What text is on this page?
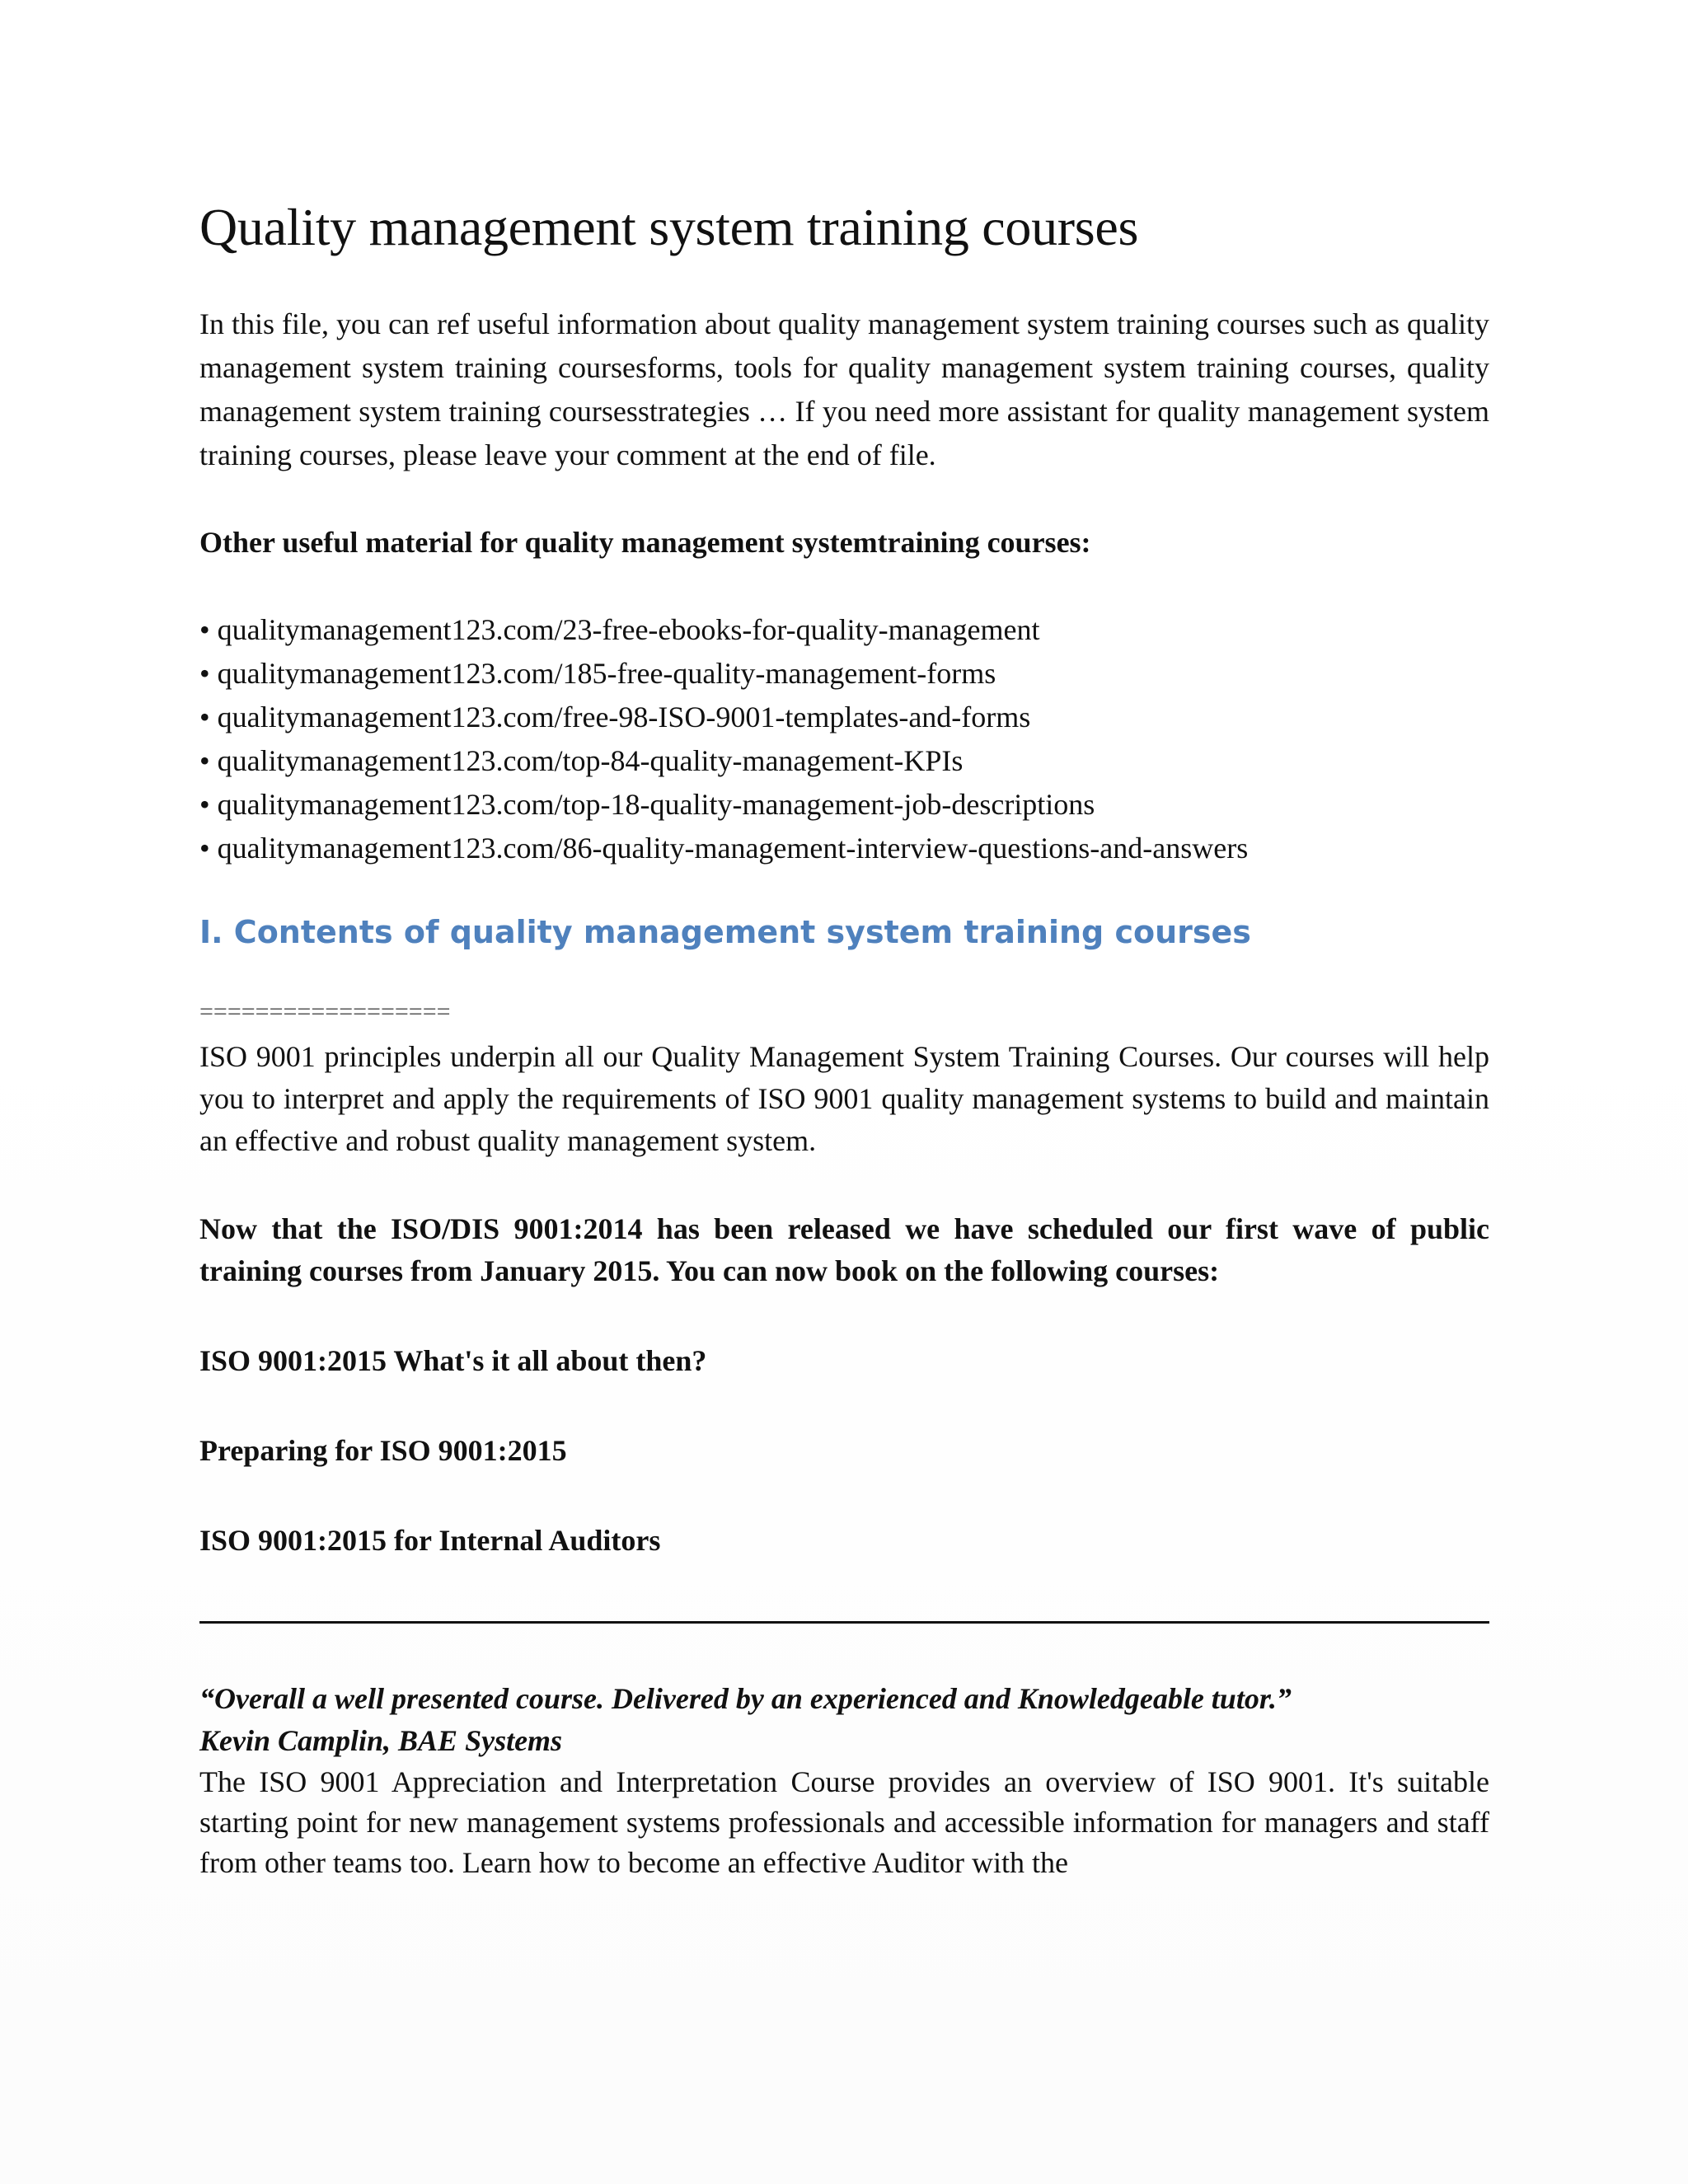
Quality management system training courses

In this file, you can ref useful information about quality management system training courses such as quality management system training coursesforms, tools for quality management system training courses, quality management system training coursesstrategies … If you need more assistant for quality management system training courses, please leave your comment at the end of file.

Other useful material for quality management systemtraining courses:

• qualitymanagement123.com/23-free-ebooks-for-quality-management
• qualitymanagement123.com/185-free-quality-management-forms
• qualitymanagement123.com/free-98-ISO-9001-templates-and-forms
• qualitymanagement123.com/top-84-quality-management-KPIs
• qualitymanagement123.com/top-18-quality-management-job-descriptions
• qualitymanagement123.com/86-quality-management-interview-questions-and-answers
I. Contents of quality management system training courses
==================

ISO 9001 principles underpin all our Quality Management System Training Courses. Our courses will help you to interpret and apply the requirements of ISO 9001 quality management systems to build and maintain an effective and robust quality management system.

Now that the ISO/DIS 9001:2014 has been released we have scheduled our first wave of public training courses from January 2015. You can now book on the following courses:

ISO 9001:2015 What's it all about then?

Preparing for ISO 9001:2015

ISO 9001:2015 for Internal Auditors

“Overall a well presented course. Delivered by an experienced and Knowledgeable tutor.” Kevin Camplin, BAE Systems

The ISO 9001 Appreciation and Interpretation Course provides an overview of ISO 9001. It's suitable starting point for new management systems professionals and accessible information for managers and staff from other teams too. Learn how to become an effective Auditor with the
